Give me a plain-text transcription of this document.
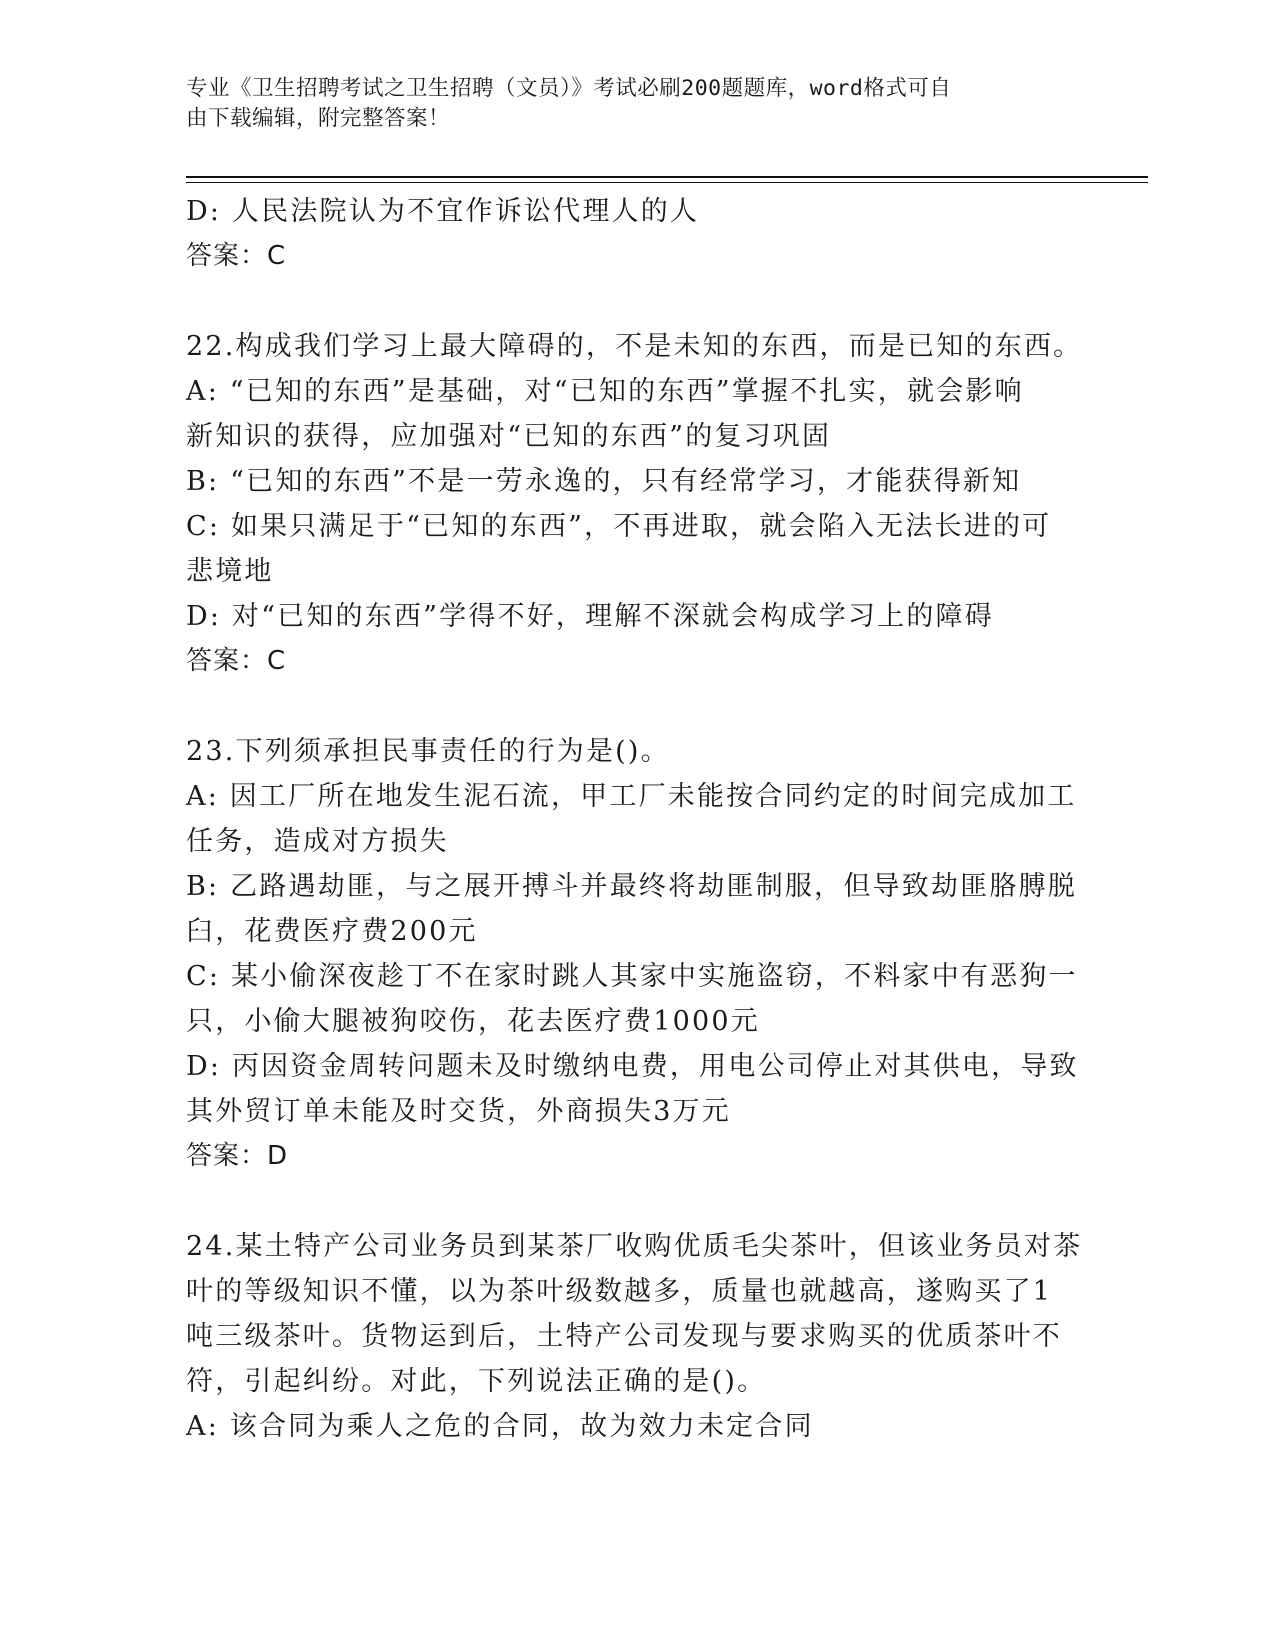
专业《卫生招聘考试之卫生招聘（文员）》考试必刷200题题库，word格式可自
由下载编辑，附完整答案！
D: 人民法院认为不宜作诉讼代理人的人
答案：C
22.构成我们学习上最大障碍的，不是未知的东西，而是已知的东西。
A: “已知的东西”是基础，对“已知的东西”掌握不扎实，就会影响
新知识的获得，应加强对“已知的东西”的复习巩固
B: “已知的东西”不是一劳永逸的，只有经常学习，才能获得新知
C: 如果只满足于“已知的东西”，不再进取，就会陷入无法长进的可
悲境地
D: 对“已知的东西”学得不好，理解不深就会构成学习上的障碍
答案：C
23.下列须承担民事责任的行为是()。
A: 因工厂所在地发生泥石流，甲工厂未能按合同约定的时间完成加工
任务，造成对方损失
B: 乙路遇劫匪，与之展开搏斗并最终将劫匪制服，但导致劫匪胳膊脱
臼，花费医疗费200元
C: 某小偷深夜趁丁不在家时跳人其家中实施盗窃，不料家中有恶狗一
只，小偷大腿被狗咬伤，花去医疗费1000元
D: 丙因资金周转问题未及时缴纳电费，用电公司停止对其供电，导致
其外贸订单未能及时交货，外商损失3万元
答案：D
24.某土特产公司业务员到某茶厂收购优质毛尖茶叶，但该业务员对茶
叶的等级知识不懂，以为茶叶级数越多，质量也就越高，遂购买了1
吨三级茶叶。货物运到后，土特产公司发现与要求购买的优质茶叶不
符，引起纠纷。对此，下列说法正确的是()。
A: 该合同为乘人之危的合同，故为效力未定合同
